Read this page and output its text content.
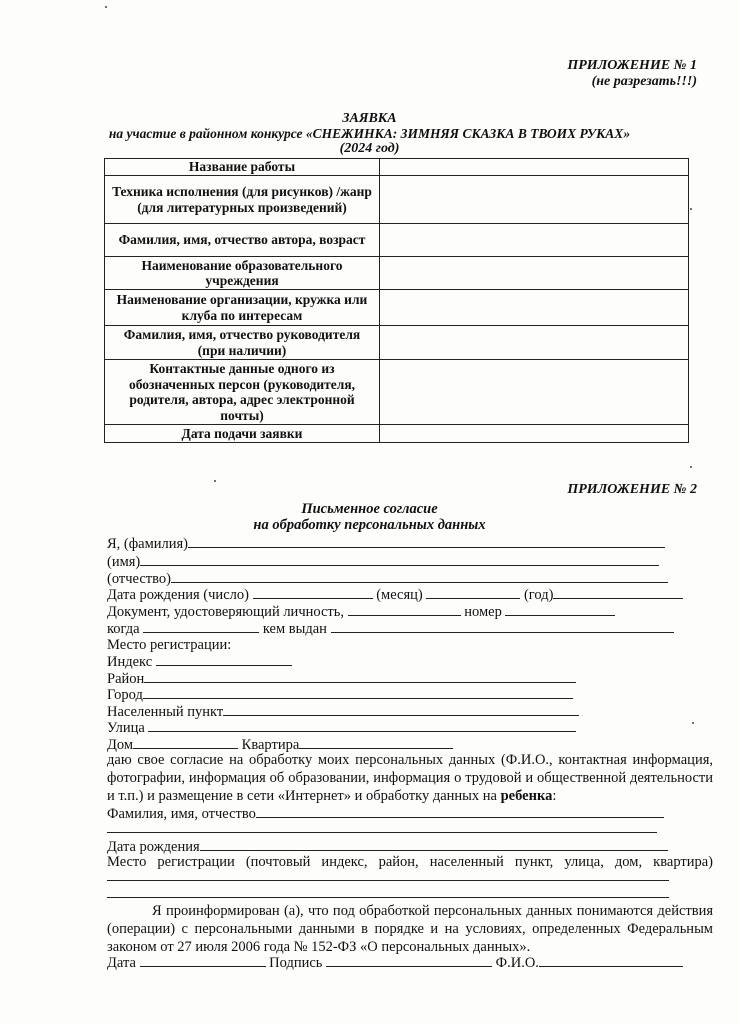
ПРИЛОЖЕНИЕ № 1
(не разрезать!!!)
ЗАЯВКА
на участие в районном конкурсе «СНЕЖИНКА: ЗИМНЯЯ СКАЗКА В ТВОИХ РУКАХ»
(2024 год)
Название работы	
Техника исполнения (для рисунков) /жанр (для литературных произведений)	
Фамилия, имя, отчество автора, возраст	
Наименование образовательного учреждения	
Наименование организации, кружка или клуба по интересам	
Фамилия, имя, отчество руководителя (при наличии)	
Контактные данные одного из обозначенных персон (руководителя, родителя, автора, адрес электронной почты)	
Дата подачи заявки	
ПРИЛОЖЕНИЕ № 2
Письменное согласие
на обработку персональных данных
Я, (фамилия)
(имя)
(отчество)
Дата рождения (число)	(месяц)	(год)
Документ, удостоверяющий личность,	номер
когда	кем выдан
Место регистрации:
Индекс
Район
Город
Населенный пункт
Улица
Дом	Квартира
даю свое согласие на обработку моих персональных данных (Ф.И.О., контактная информация, фотографии, информация об образовании, информация о трудовой и общественной деятельности и т.п.) и размещение в сети «Интернет» и обработку данных на ребенка:
Фамилия, имя, отчество
Дата рождения
Место регистрации (почтовый индекс, район, населенный пункт, улица, дом, квартира)
Я проинформирован (а), что под обработкой персональных данных понимаются действия (операции) с персональными данными в порядке и на условиях, определенных Федеральным законом от 27 июля 2006 года № 152-ФЗ «О персональных данных».
Дата	Подпись	Ф.И.О.
